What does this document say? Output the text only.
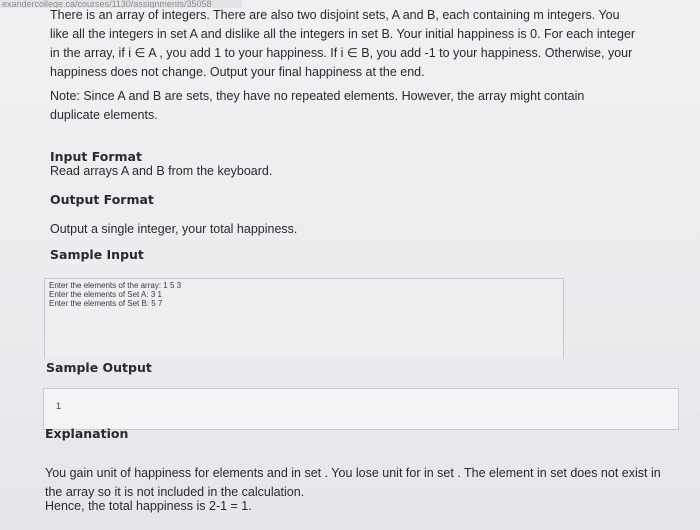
exandercollege.ca/courses/1130/assignments/35058

There is an array of integers. There are also two disjoint sets, A and B, each containing m integers. You like all the integers in set A and dislike all the integers in set B. Your initial happiness is 0. For each integer in the array, if i ∈ A , you add 1 to your happiness. If i ∈ B, you add -1 to your happiness. Otherwise, your happiness does not change. Output your final happiness at the end.

Note: Since A and B are sets, they have no repeated elements. However, the array might contain duplicate elements.

Input Format

Read arrays A and B from the keyboard.

Output Format

Output a single integer, your total happiness.

Sample Input

Enter the elements of the array: 1 5 3

Enter the elements of Set A: 3 1

Enter the elements of Set B: 5 7

Sample Output

1

Explanation

You gain unit of happiness for elements and in set . You lose unit for in set . The element in set does not exist in the array so it is not included in the calculation.

Hence, the total happiness is 2-1 = 1.
